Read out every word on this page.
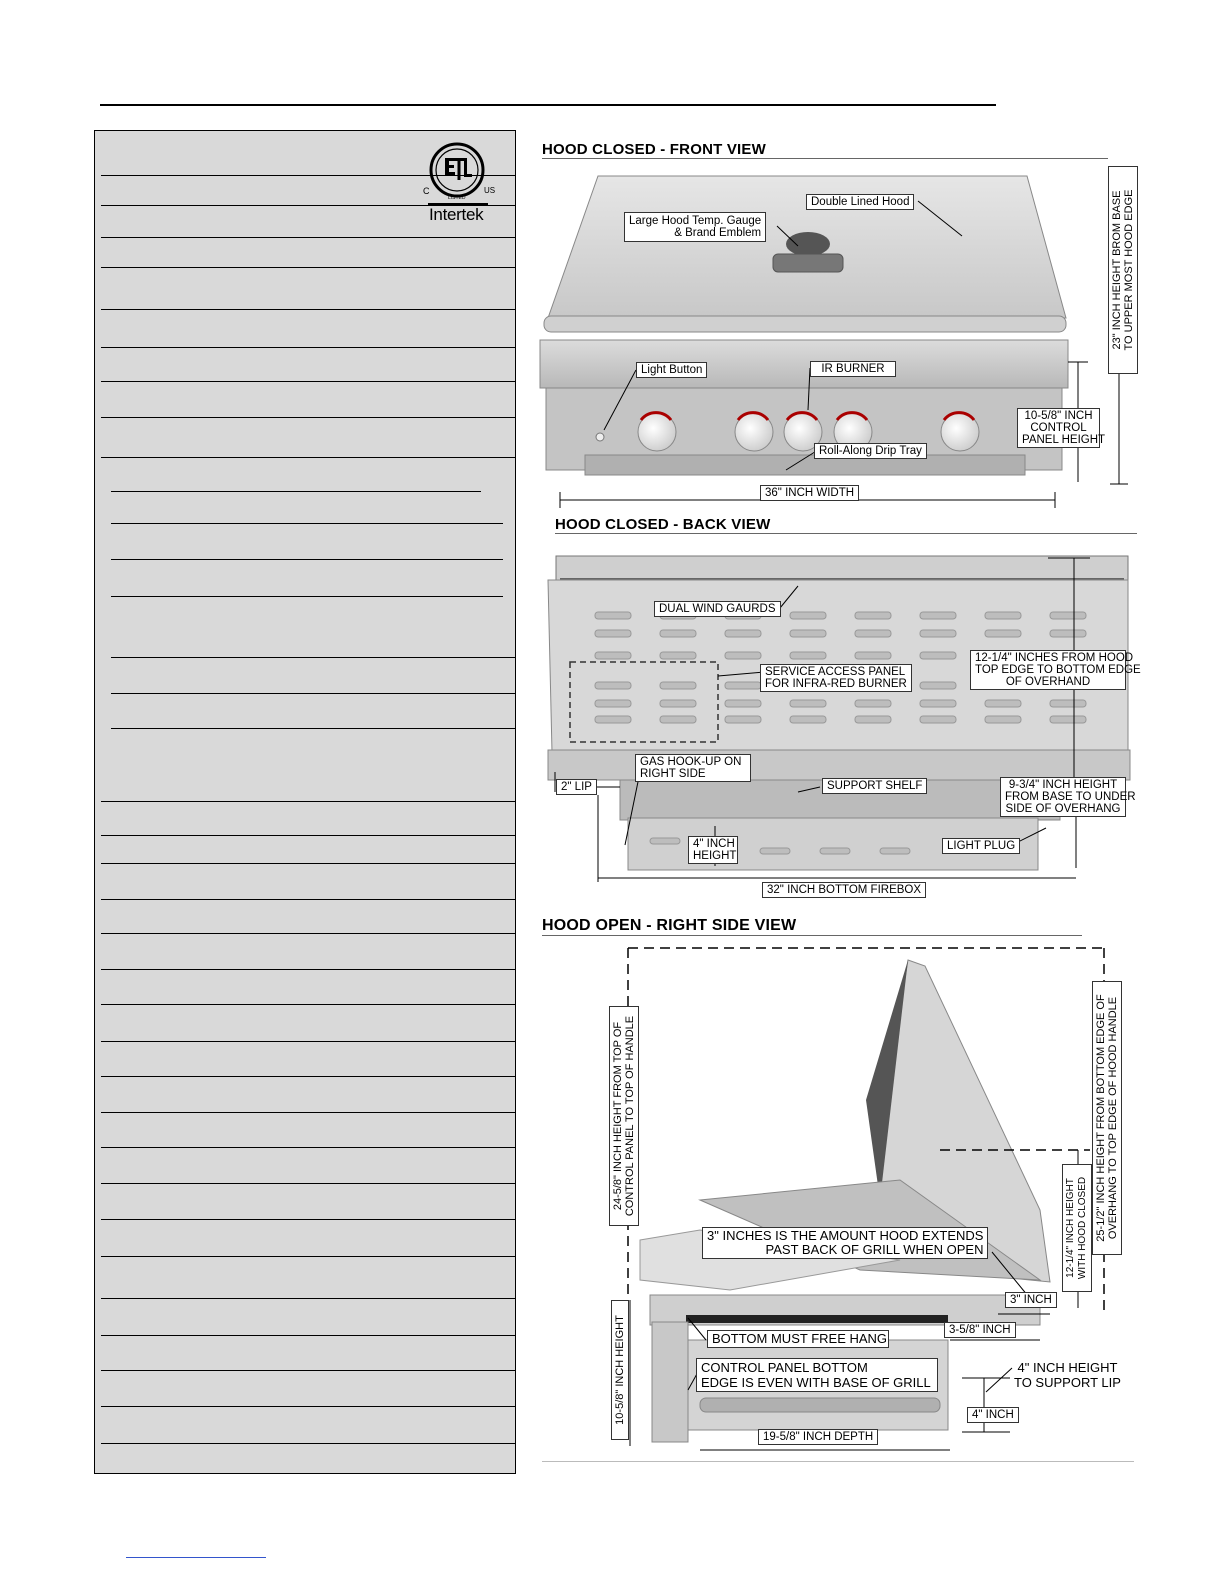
C	US
LISTED
Intertek
HOOD CLOSED - FRONT VIEW
Double Lined Hood
Large Hood Temp. Gauge
& Brand Emblem
Light Button	IR BURNER
Roll-Along Drip Tray
10-5/8" INCH
CONTROL
PANEL HEIGHT
36" INCH WIDTH
23" INCH HEIGHT BROM BASE TO UPPER MOST HOOD EDGE
HOOD CLOSED - BACK VIEW
DUAL WIND GAURDS
SERVICE ACCESS PANEL
FOR INFRA-RED BURNER
12-1/4" INCHES FROM HOOD
TOP EDGE TO BOTTOM EDGE
OF OVERHAND
2" LIP
GAS HOOK-UP ON
RIGHT SIDE
SUPPORT SHELF	9-3/4" INCH HEIGHT
FROM BASE TO UNDER
SIDE OF OVERHANG
4" INCH
HEIGHT
LIGHT PLUG
32" INCH BOTTOM FIREBOX
HOOD OPEN - RIGHT SIDE VIEW
24-5/8" INCH HEIGHT FROM TOP OF CONTROL PANEL TO TOP OF HANDLE	25-1/2" INCH HEIGHT FROM BOTTOM EDGE OF OVERHANG TO TOP EDGE OF HOOD HANDLE
12-1/4" INCH HEIGHT WITH HOOD CLOSED
3" INCHES IS THE AMOUNT HOOD EXTENDS
PAST BACK OF GRILL WHEN OPEN
3" INCH
BOTTOM MUST FREE HANG
3-5/8" INCH
CONTROL PANEL BOTTOM
EDGE IS EVEN WITH BASE OF GRILL
4" INCH HEIGHT
TO SUPPORT LIP
4" INCH
19-5/8" INCH DEPTH
10-5/8" INCH HEIGHT
